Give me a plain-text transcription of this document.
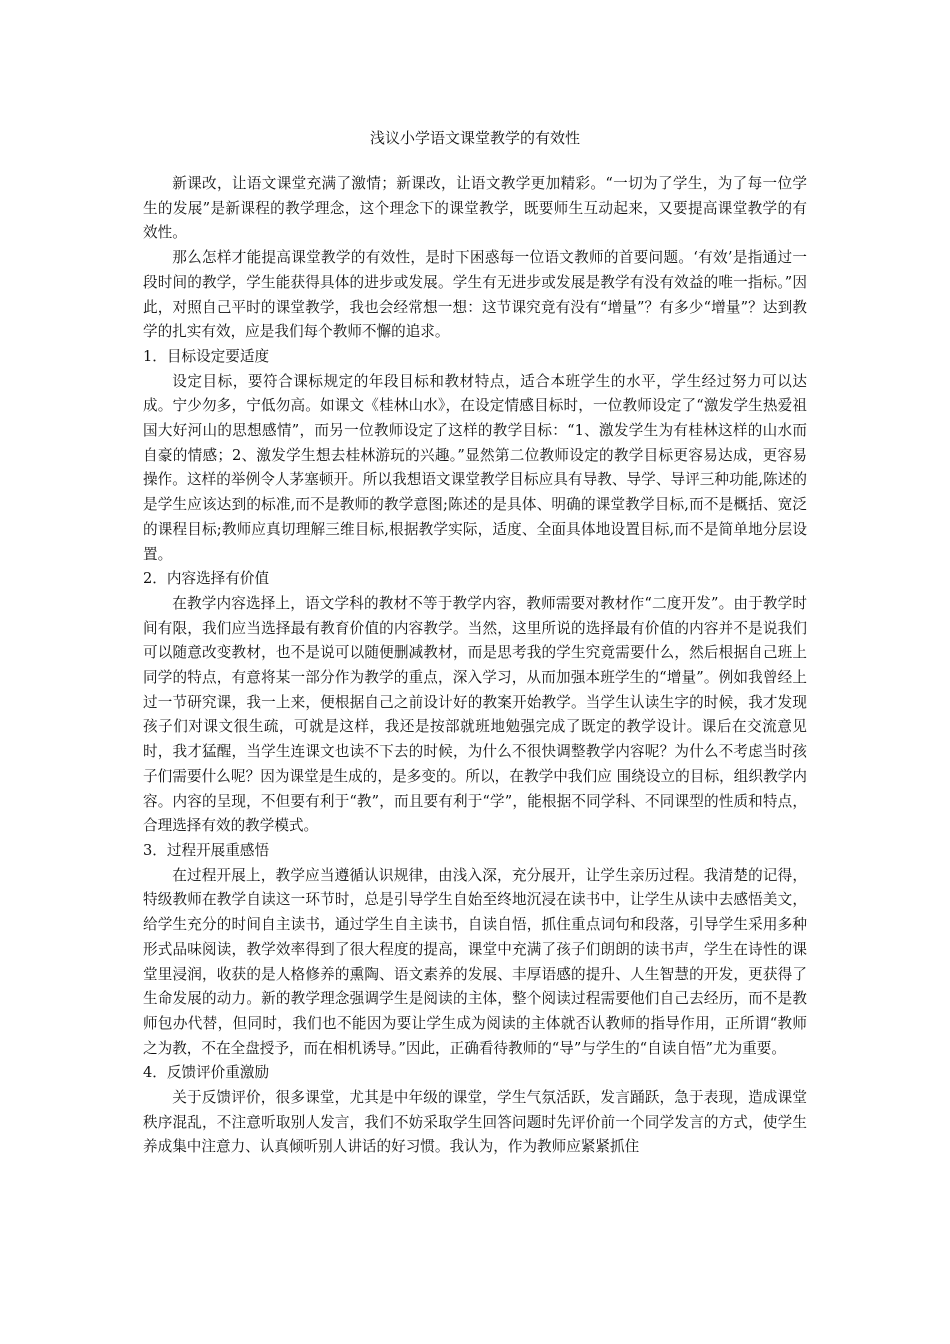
浅议小学语文课堂教学的有效性

新课改，让语文课堂充满了激情；新课改，让语文教学更加精彩。“一切为了学生，为了每一位学生的发展”是新课程的教学理念，这个理念下的课堂教学，既要师生互动起来，又要提高课堂教学的有效性。

那么怎样才能提高课堂教学的有效性，是时下困惑每一位语文教师的首要问题。‘有效’是指通过一段时间的教学，学生能获得具体的进步或发展。学生有无进步或发展是教学有没有效益的唯一指标。”因此，对照自己平时的课堂教学，我也会经常想一想：这节课究竟有没有“增量”？有多少“增量”？达到教学的扎实有效，应是我们每个教师不懈的追求。

1．目标设定要适度

设定目标，要符合课标规定的年段目标和教材特点，适合本班学生的水平，学生经过努力可以达成。宁少勿多，宁低勿高。如课文《桂林山水》，在设定情感目标时，一位教师设定了“激发学生热爱祖国大好河山的思想感情”，而另一位教师设定了这样的教学目标：“1、激发学生为有桂林这样的山水而自豪的情感；2、激发学生想去桂林游玩的兴趣。”显然第二位教师设定的教学目标更容易达成，更容易操作。这样的举例令人茅塞顿开。所以我想语文课堂教学目标应具有导教、导学、导评三种功能,陈述的是学生应该达到的标准,而不是教师的教学意图;陈述的是具体、明确的课堂教学目标,而不是概括、宽泛的课程目标;教师应真切理解三维目标,根据教学实际，适度、全面具体地设置目标,而不是简单地分层设置。

2．内容选择有价值

在教学内容选择上，语文学科的教材不等于教学内容，教师需要对教材作“二度开发”。由于教学时间有限，我们应当选择最有教育价值的内容教学。当然，这里所说的选择最有价值的内容并不是说我们可以随意改变教材，也不是说可以随便删减教材，而是思考我的学生究竟需要什么，然后根据自己班上同学的特点，有意将某一部分作为教学的重点，深入学习，从而加强本班学生的“增量”。例如我曾经上过一节研究课，我一上来，便根据自己之前设计好的教案开始教学。当学生认读生字的时候，我才发现孩子们对课文很生疏，可就是这样，我还是按部就班地勉强完成了既定的教学设计。课后在交流意见时，我才猛醒，当学生连课文也读不下去的时候，为什么不很快调整教学内容呢？为什么不考虑当时孩子们需要什么呢？因为课堂是生成的，是多变的。所以，在教学中我们应 围绕设立的目标，组织教学内容。内容的呈现，不但要有利于“教”，而且要有利于“学”，能根据不同学科、不同课型的性质和特点，合理选择有效的教学模式。

3．过程开展重感悟

在过程开展上，教学应当遵循认识规律，由浅入深，充分展开，让学生亲历过程。我清楚的记得，特级教师在教学自读这一环节时，总是引导学生自始至终地沉浸在读书中，让学生从读中去感悟美文，给学生充分的时间自主读书，通过学生自主读书，自读自悟，抓住重点词句和段落，引导学生采用多种形式品味阅读，教学效率得到了很大程度的提高，课堂中充满了孩子们朗朗的读书声，学生在诗性的课堂里浸润，收获的是人格修养的熏陶、语文素养的发展、丰厚语感的提升、人生智慧的开发，更获得了生命发展的动力。新的教学理念强调学生是阅读的主体，整个阅读过程需要他们自己去经历，而不是教师包办代替，但同时，我们也不能因为要让学生成为阅读的主体就否认教师的指导作用，正所谓“教师之为教，不在全盘授予，而在相机诱导。”因此，正确看待教师的“导”与学生的“自读自悟”尤为重要。

4．反馈评价重激励

关于反馈评价，很多课堂，尤其是中年级的课堂，学生气氛活跃，发言踊跃，急于表现，造成课堂秩序混乱，不注意听取别人发言，我们不妨采取学生回答问题时先评价前一个同学发言的方式，使学生养成集中注意力、认真倾听别人讲话的好习惯。我认为，作为教师应紧紧抓住
